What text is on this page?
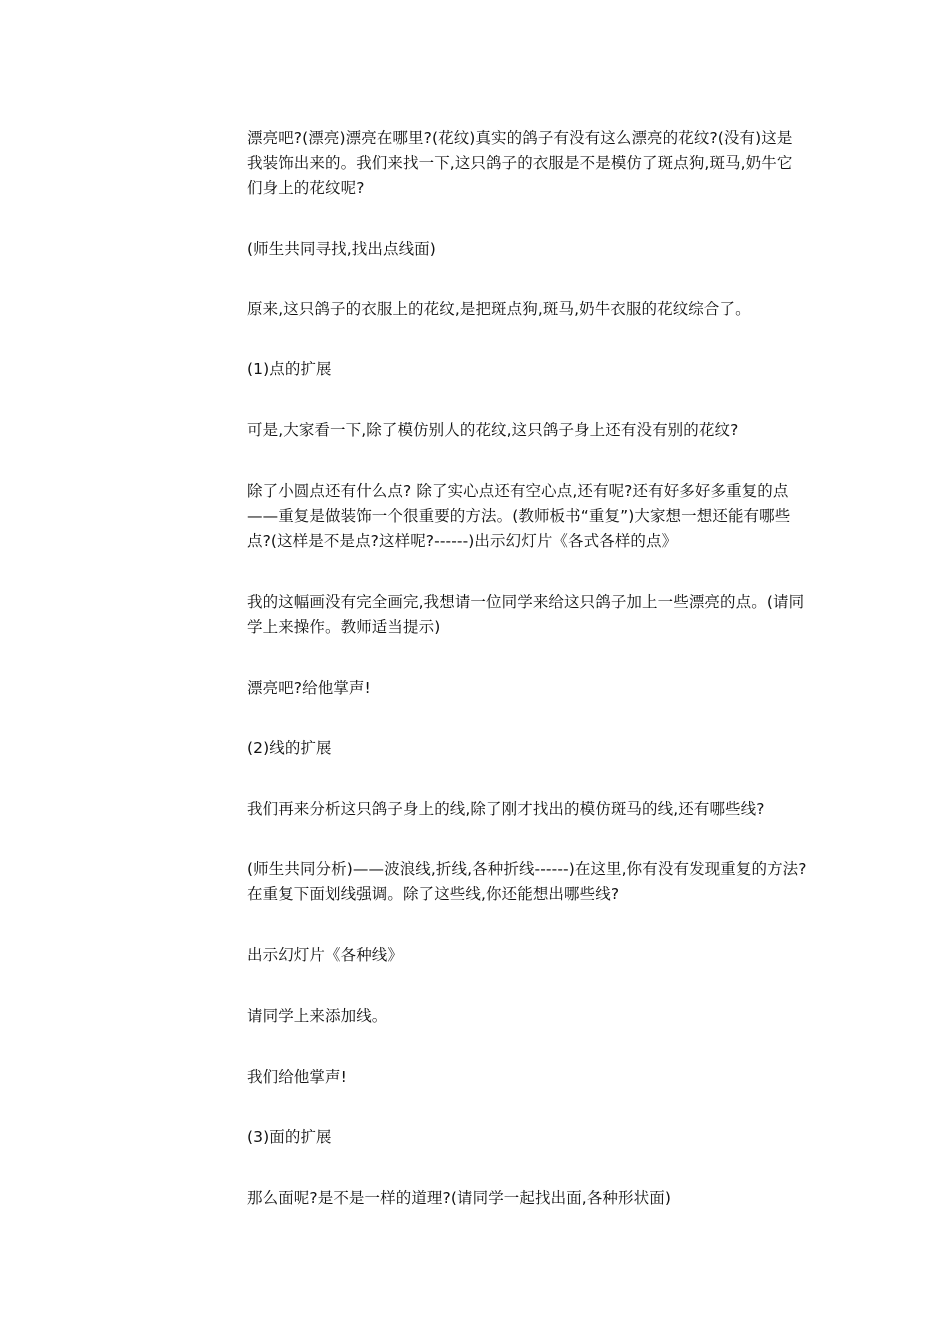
漂亮吧?(漂亮)漂亮在哪里?(花纹)真实的鸽子有没有这么漂亮的花纹?(没有)这是我装饰出来的。我们来找一下,这只鸽子的衣服是不是模仿了斑点狗,斑马,奶牛它们身上的花纹呢?

(师生共同寻找,找出点线面)

原来,这只鸽子的衣服上的花纹,是把斑点狗,斑马,奶牛衣服的花纹综合了。

(1)点的扩展

可是,大家看一下,除了模仿别人的花纹,这只鸽子身上还有没有别的花纹?

除了小圆点还有什么点? 除了实心点还有空心点,还有呢?还有好多好多重复的点——重复是做装饰一个很重要的方法。(教师板书“重复”)大家想一想还能有哪些点?(这样是不是点?这样呢?------)出示幻灯片《各式各样的点》

我的这幅画没有完全画完,我想请一位同学来给这只鸽子加上一些漂亮的点。(请同学上来操作。教师适当提示)

漂亮吧?给他掌声!

(2)线的扩展

我们再来分析这只鸽子身上的线,除了刚才找出的模仿斑马的线,还有哪些线?

(师生共同分析)——波浪线,折线,各种折线------)在这里,你有没有发现重复的方法?在重复下面划线强调。除了这些线,你还能想出哪些线?

出示幻灯片《各种线》

请同学上来添加线。

我们给他掌声!

(3)面的扩展

那么面呢?是不是一样的道理?(请同学一起找出面,各种形状面)
